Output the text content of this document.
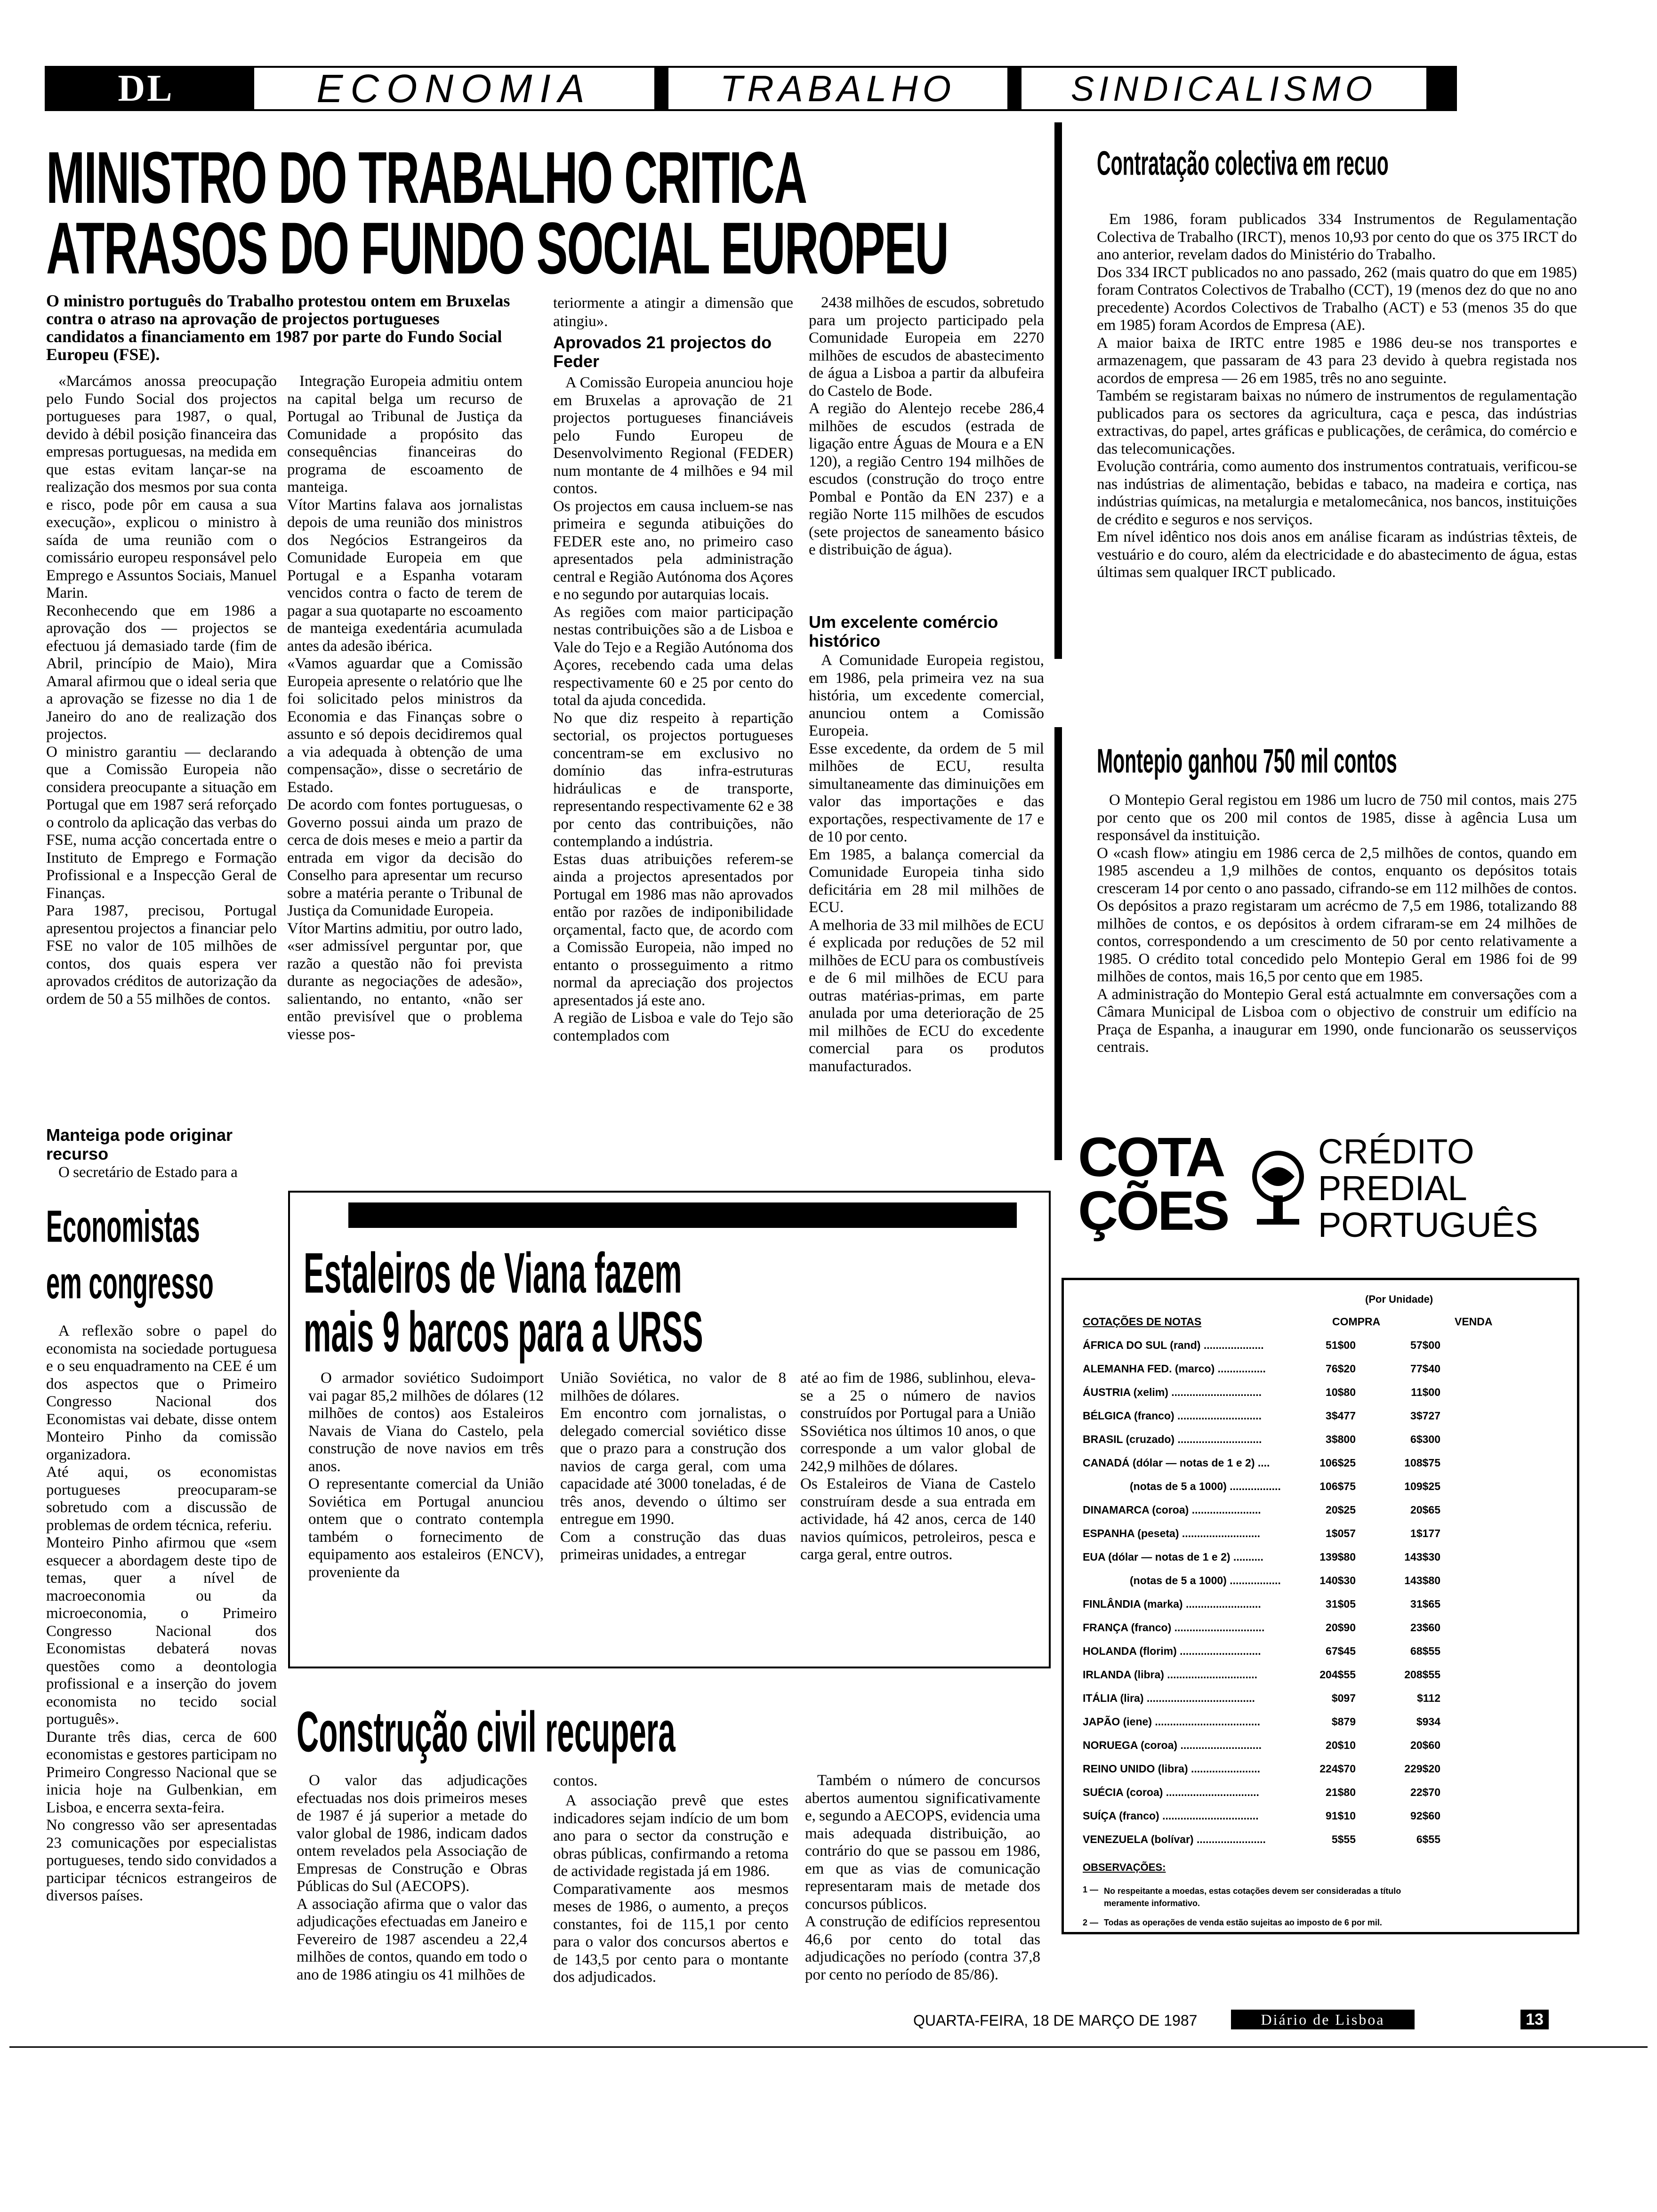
DL	ECONOMIA	TRABALHO	SINDICALISMO
MINISTRO DO TRABALHO CRITICA
ATRASOS DO FUNDO SOCIAL EUROPEU
O ministro português do Trabalho protestou ontem em Bruxelas contra o atraso na aprovação de projectos portugueses candidatos a financiamento em 1987 por parte do Fundo Social Europeu (FSE).
«Marcámos anossa preocupação pelo Fundo Social dos projectos portugueses para 1987, o qual, devido à débil posição financeira das empresas portuguesas, na medida em que estas evitam lançar-se na realização dos mesmos por sua conta e risco, pode pôr em causa a sua execução», explicou o ministro à saída de uma reunião com o comissário europeu responsável pelo Emprego e Assuntos Sociais, Manuel Marin.
Reconhecendo que em 1986 a aprovação dos — projectos se efectuou já demasiado tarde (fim de Abril, princípio de Maio), Mira Amaral afirmou que o ideal seria que a aprovação se fizesse no dia 1 de Janeiro do ano de realização dos projectos.
O ministro garantiu — declarando que a Comissão Europeia não considera preocupante a situação em Portugal que em 1987 será reforçado o controlo da aplicação das verbas do FSE, numa acção concertada entre o Instituto de Emprego e Formação Profissional e a Inspecção Geral de Finanças.
Para 1987, precisou, Portugal apresentou projectos a financiar pelo FSE no valor de 105 milhões de contos, dos quais espera ver aprovados créditos de autorização da ordem de 50 a 55 milhões de contos.
Manteiga pode originar recurso
O secretário de Estado para a
Integração Europeia admitiu ontem na capital belga um recurso de Portugal ao Tribunal de Justiça da Comunidade a propósito das consequências financeiras do programa de escoamento de manteiga.
Vítor Martins falava aos jornalistas depois de uma reunião dos ministros dos Negócios Estrangeiros da Comunidade Europeia em que Portugal e a Espanha votaram vencidos contra o facto de terem de pagar a sua quotaparte no escoamento de manteiga exedentária acumulada antes da adesão ibérica.
«Vamos aguardar que a Comissão Europeia apresente o relatório que lhe foi solicitado pelos ministros da Economia e das Finanças sobre o assunto e só depois decidiremos qual a via adequada à obtenção de uma compensação», disse o secretário de Estado.
De acordo com fontes portuguesas, o Governo possui ainda um prazo de cerca de dois meses e meio a partir da entrada em vigor da decisão do Conselho para apresentar um recurso sobre a matéria perante o Tribunal de Justiça da Comunidade Europeia.
Vítor Martins admitiu, por outro lado, «ser admissível perguntar por, que razão a questão não foi prevista durante as negociações de adesão», salientando, no entanto, «não ser então previsível que o problema viesse pos-
teriormente a atingir a dimensão que atingiu».
Aprovados 21 projectos do Feder
A Comissão Europeia anunciou hoje em Bruxelas a aprovação de 21 projectos portugueses financiáveis pelo Fundo Europeu de Desenvolvimento Regional (FEDER) num montante de 4 milhões e 94 mil contos.
Os projectos em causa incluem-se nas primeira e segunda atibuições do FEDER este ano, no primeiro caso apresentados pela administração central e Região Autónoma dos Açores e no segundo por autarquias locais.
As regiões com maior participação nestas contribuições são a de Lisboa e Vale do Tejo e a Região Autónoma dos Açores, recebendo cada uma delas respectivamente 60 e 25 por cento do total da ajuda concedida.
No que diz respeito à repartição sectorial, os projectos portugueses concentram-se em exclusivo no domínio das infra-estruturas hidráulicas e de transporte, representando respectivamente 62 e 38 por cento das contribuições, não contemplando a indústria.
Estas duas atribuições referem-se ainda a projectos apresentados por Portugal em 1986 mas não aprovados então por razões de indiponibilidade orçamental, facto que, de acordo com a Comissão Europeia, não imped no entanto o prosseguimento a ritmo normal da apreciação dos projectos apresentados já este ano.
A região de Lisboa e vale do Tejo são contemplados com
2438 milhões de escudos, sobretudo para um projecto participado pela Comunidade Europeia em 2270 milhões de escudos de abastecimento de água a Lisboa a partir da albufeira do Castelo de Bode.
A região do Alentejo recebe 286,4 milhões de escudos (estrada de ligação entre Águas de Moura e a EN 120), a região Centro 194 milhões de escudos (construção do troço entre Pombal e Pontão da EN 237) e a região Norte 115 milhões de escudos (sete projectos de saneamento básico e distribuição de água).
Um excelente comércio histórico
A Comunidade Europeia registou, em 1986, pela primeira vez na sua história, um excedente comercial, anunciou ontem a Comissão Europeia.
Esse excedente, da ordem de 5 mil milhões de ECU, resulta simultaneamente das diminuições em valor das importações e das exportações, respectivamente de 17 e de 10 por cento.
Em 1985, a balança comercial da Comunidade Europeia tinha sido deficitária em 28 mil milhões de ECU.
A melhoria de 33 mil milhões de ECU é explicada por reduções de 52 mil milhões de ECU para os combustíveis e de 6 mil milhões de ECU para outras matérias-primas, em parte anulada por uma deterioração de 25 mil milhões de ECU do excedente comercial para os produtos manufacturados.
Contratação colectiva em recuo
Em 1986, foram publicados 334 Instrumentos de Regulamentação Colectiva de Trabalho (IRCT), menos 10,93 por cento do que os 375 IRCT do ano anterior, revelam dados do Ministério do Trabalho.
Dos 334 IRCT publicados no ano passado, 262 (mais quatro do que em 1985) foram Contratos Colectivos de Trabalho (CCT), 19 (menos dez do que no ano precedente) Acordos Colectivos de Trabalho (ACT) e 53 (menos 35 do que em 1985) foram Acordos de Empresa (AE).
A maior baixa de IRTC entre 1985 e 1986 deu-se nos transportes e armazenagem, que passaram de 43 para 23 devido à quebra registada nos acordos de empresa — 26 em 1985, três no ano seguinte.
Também se registaram baixas no número de instrumentos de regulamentação publicados para os sectores da agricultura, caça e pesca, das indústrias extractivas, do papel, artes gráficas e publicações, de cerâmica, do comércio e das telecomunicações.
Evolução contrária, como aumento dos instrumentos contratuais, verificou-se nas indústrias de alimentação, bebidas e tabaco, na madeira e cortiça, nas indústrias químicas, na metalurgia e metalomecânica, nos bancos, instituições de crédito e seguros e nos serviços.
Em nível idêntico nos dois anos em análise ficaram as indústrias têxteis, de vestuário e do couro, além da electricidade e do abastecimento de água, estas últimas sem qualquer IRCT publicado.
Montepio ganhou 750 mil contos
O Montepio Geral registou em 1986 um lucro de 750 mil contos, mais 275 por cento que os 200 mil contos de 1985, disse à agência Lusa um responsável da instituição.
O «cash flow» atingiu em 1986 cerca de 2,5 milhões de contos, quando em 1985 ascendeu a 1,9 milhões de contos, enquanto os depósitos totais cresceram 14 por cento o ano passado, cifrando-se em 112 milhões de contos. Os depósitos a prazo registaram um acrécmo de 7,5 em 1986, totalizando 88 milhões de contos, e os depósitos à ordem cifraram-se em 24 milhões de contos, correspondendo a um crescimento de 50 por cento relativamente a 1985. O crédito total concedido pelo Montepio Geral em 1986 foi de 99 milhões de contos, mais 16,5 por cento que em 1985.
A administração do Montepio Geral está actualmnte em conversações com a Câmara Municipal de Lisboa com o objectivo de construir um edifício na Praça de Espanha, a inaugurar em 1990, onde funcionarão os seusserviços centrais.
Economistas
em congresso
A reflexão sobre o papel do economista na sociedade portuguesa e o seu enquadramento na CEE é um dos aspectos que o Primeiro Congresso Nacional dos Economistas vai debate, disse ontem Monteiro Pinho da comissão organizadora.
Até aqui, os economistas portugueses preocuparam-se sobretudo com a discussão de problemas de ordem técnica, referiu.
Monteiro Pinho afirmou que «sem esquecer a abordagem deste tipo de temas, quer a nível de macroeconomia ou da microeconomia, o Primeiro Congresso Nacional dos Economistas debaterá novas questões como a deontologia profissional e a inserção do jovem economista no tecido social português».
Durante três dias, cerca de 600 economistas e gestores participam no Primeiro Congresso Nacional que se inicia hoje na Gulbenkian, em Lisboa, e encerra sexta-feira.
No congresso vão ser apresentadas 23 comunicações por especialistas portugueses, tendo sido convidados a participar técnicos estrangeiros de diversos países.
Estaleiros de Viana fazem
mais 9 barcos para a URSS
O armador soviético Sudoimport vai pagar 85,2 milhões de dólares (12 milhões de contos) aos Estaleiros Navais de Viana do Castelo, pela construção de nove navios em três anos.
O representante comercial da União Soviética em Portugal anunciou ontem que o contrato contempla também o fornecimento de equipamento aos estaleiros (ENCV), proveniente da
União Soviética, no valor de 8 milhões de dólares.
Em encontro com jornalistas, o delegado comercial soviético disse que o prazo para a construção dos navios de carga geral, com uma capacidade até 3000 toneladas, é de três anos, devendo o último ser entregue em 1990.
Com a construção das duas primeiras unidades, a entregar
até ao fim de 1986, sublinhou, eleva-se a 25 o número de navios construídos por Portugal para a União SSoviética nos últimos 10 anos, o que corresponde a um valor global de 242,9 milhões de dólares.
Os Estaleiros de Viana de Castelo construíram desde a sua entrada em actividade, há 42 anos, cerca de 140 navios químicos, petroleiros, pesca e carga geral, entre outros.
Construção civil recupera
O valor das adjudicações efectuadas nos dois primeiros meses de 1987 é já superior a metade do valor global de 1986, indicam dados ontem revelados pela Associação de Empresas de Construção e Obras Públicas do Sul (AECOPS).
A associação afirma que o valor das adjudicações efectuadas em Janeiro e Fevereiro de 1987 ascendeu a 22,4 milhões de contos, quando em todo o ano de 1986 atingiu os 41 milhões de
contos.
A associação prevê que estes indicadores sejam indício de um bom ano para o sector da construção e obras públicas, confirmando a retoma de actividade registada já em 1986.
Comparativamente aos mesmos meses de 1986, o aumento, a preços constantes, foi de 115,1 por cento para o valor dos concursos abertos e de 143,5 por cento para o montante dos adjudicados.
Também o número de concursos abertos aumentou significativamente e, segundo a AECOPS, evidencia uma mais adequada distribuição, ao contrário do que se passou em 1986, em que as vias de comunicação representaram mais de metade dos concursos públicos.
A construção de edifícios representou 46,6 por cento do total das adjudicações no período (contra 37,8 por cento no período de 85/86).
COTA
ÇÕES
CRÉDITO
PREDIAL
PORTUGUÊS
(Por Unidade)
COTAÇÕES DE NOTAS	COMPRA	VENDA
ÁFRICA DO SUL (rand) ....................	51$00	57$00
ALEMANHA FED. (marco) ................	76$20	77$40
ÁUSTRIA (xelim) ..............................	10$80	11$00
BÉLGICA (franco) ............................	3$477	3$727
BRASIL (cruzado) ............................	3$800	6$300
CANADÁ (dólar — notas de 1 e 2) ....	106$25	108$75
(notas de 5 a 1000) .................	106$75	109$25
DINAMARCA (coroa) .......................	20$25	20$65
ESPANHA (peseta) ..........................	1$057	1$177
EUA (dólar — notas de 1 e 2) ..........	139$80	143$30
(notas de 5 a 1000) .................	140$30	143$80
FINLÂNDIA (marka) .........................	31$05	31$65
FRANÇA (franco) ..............................	20$90	23$60
HOLANDA (florim) ...........................	67$45	68$55
IRLANDA (libra) ..............................	204$55	208$55
ITÁLIA (lira) ....................................	$097	$112
JAPÃO (iene) ...................................	$879	$934
NORUEGA (coroa) ...........................	20$10	20$60
REINO UNIDO (libra) .......................	224$70	229$20
SUÉCIA (coroa) ...............................	21$80	22$70
SUÍÇA (franco) ................................	91$10	92$60
VENEZUELA (bolívar) .......................	5$55	6$55
OBSERVAÇÕES:
1 — No respeitante a moedas, estas cotações devem ser consideradas a título meramente informativo.
2 — Todas as operações de venda estão sujeitas ao imposto de 6 por mil.
QUARTA-FEIRA, 18 DE MARÇO DE 1987	Diário de Lisboa	13
